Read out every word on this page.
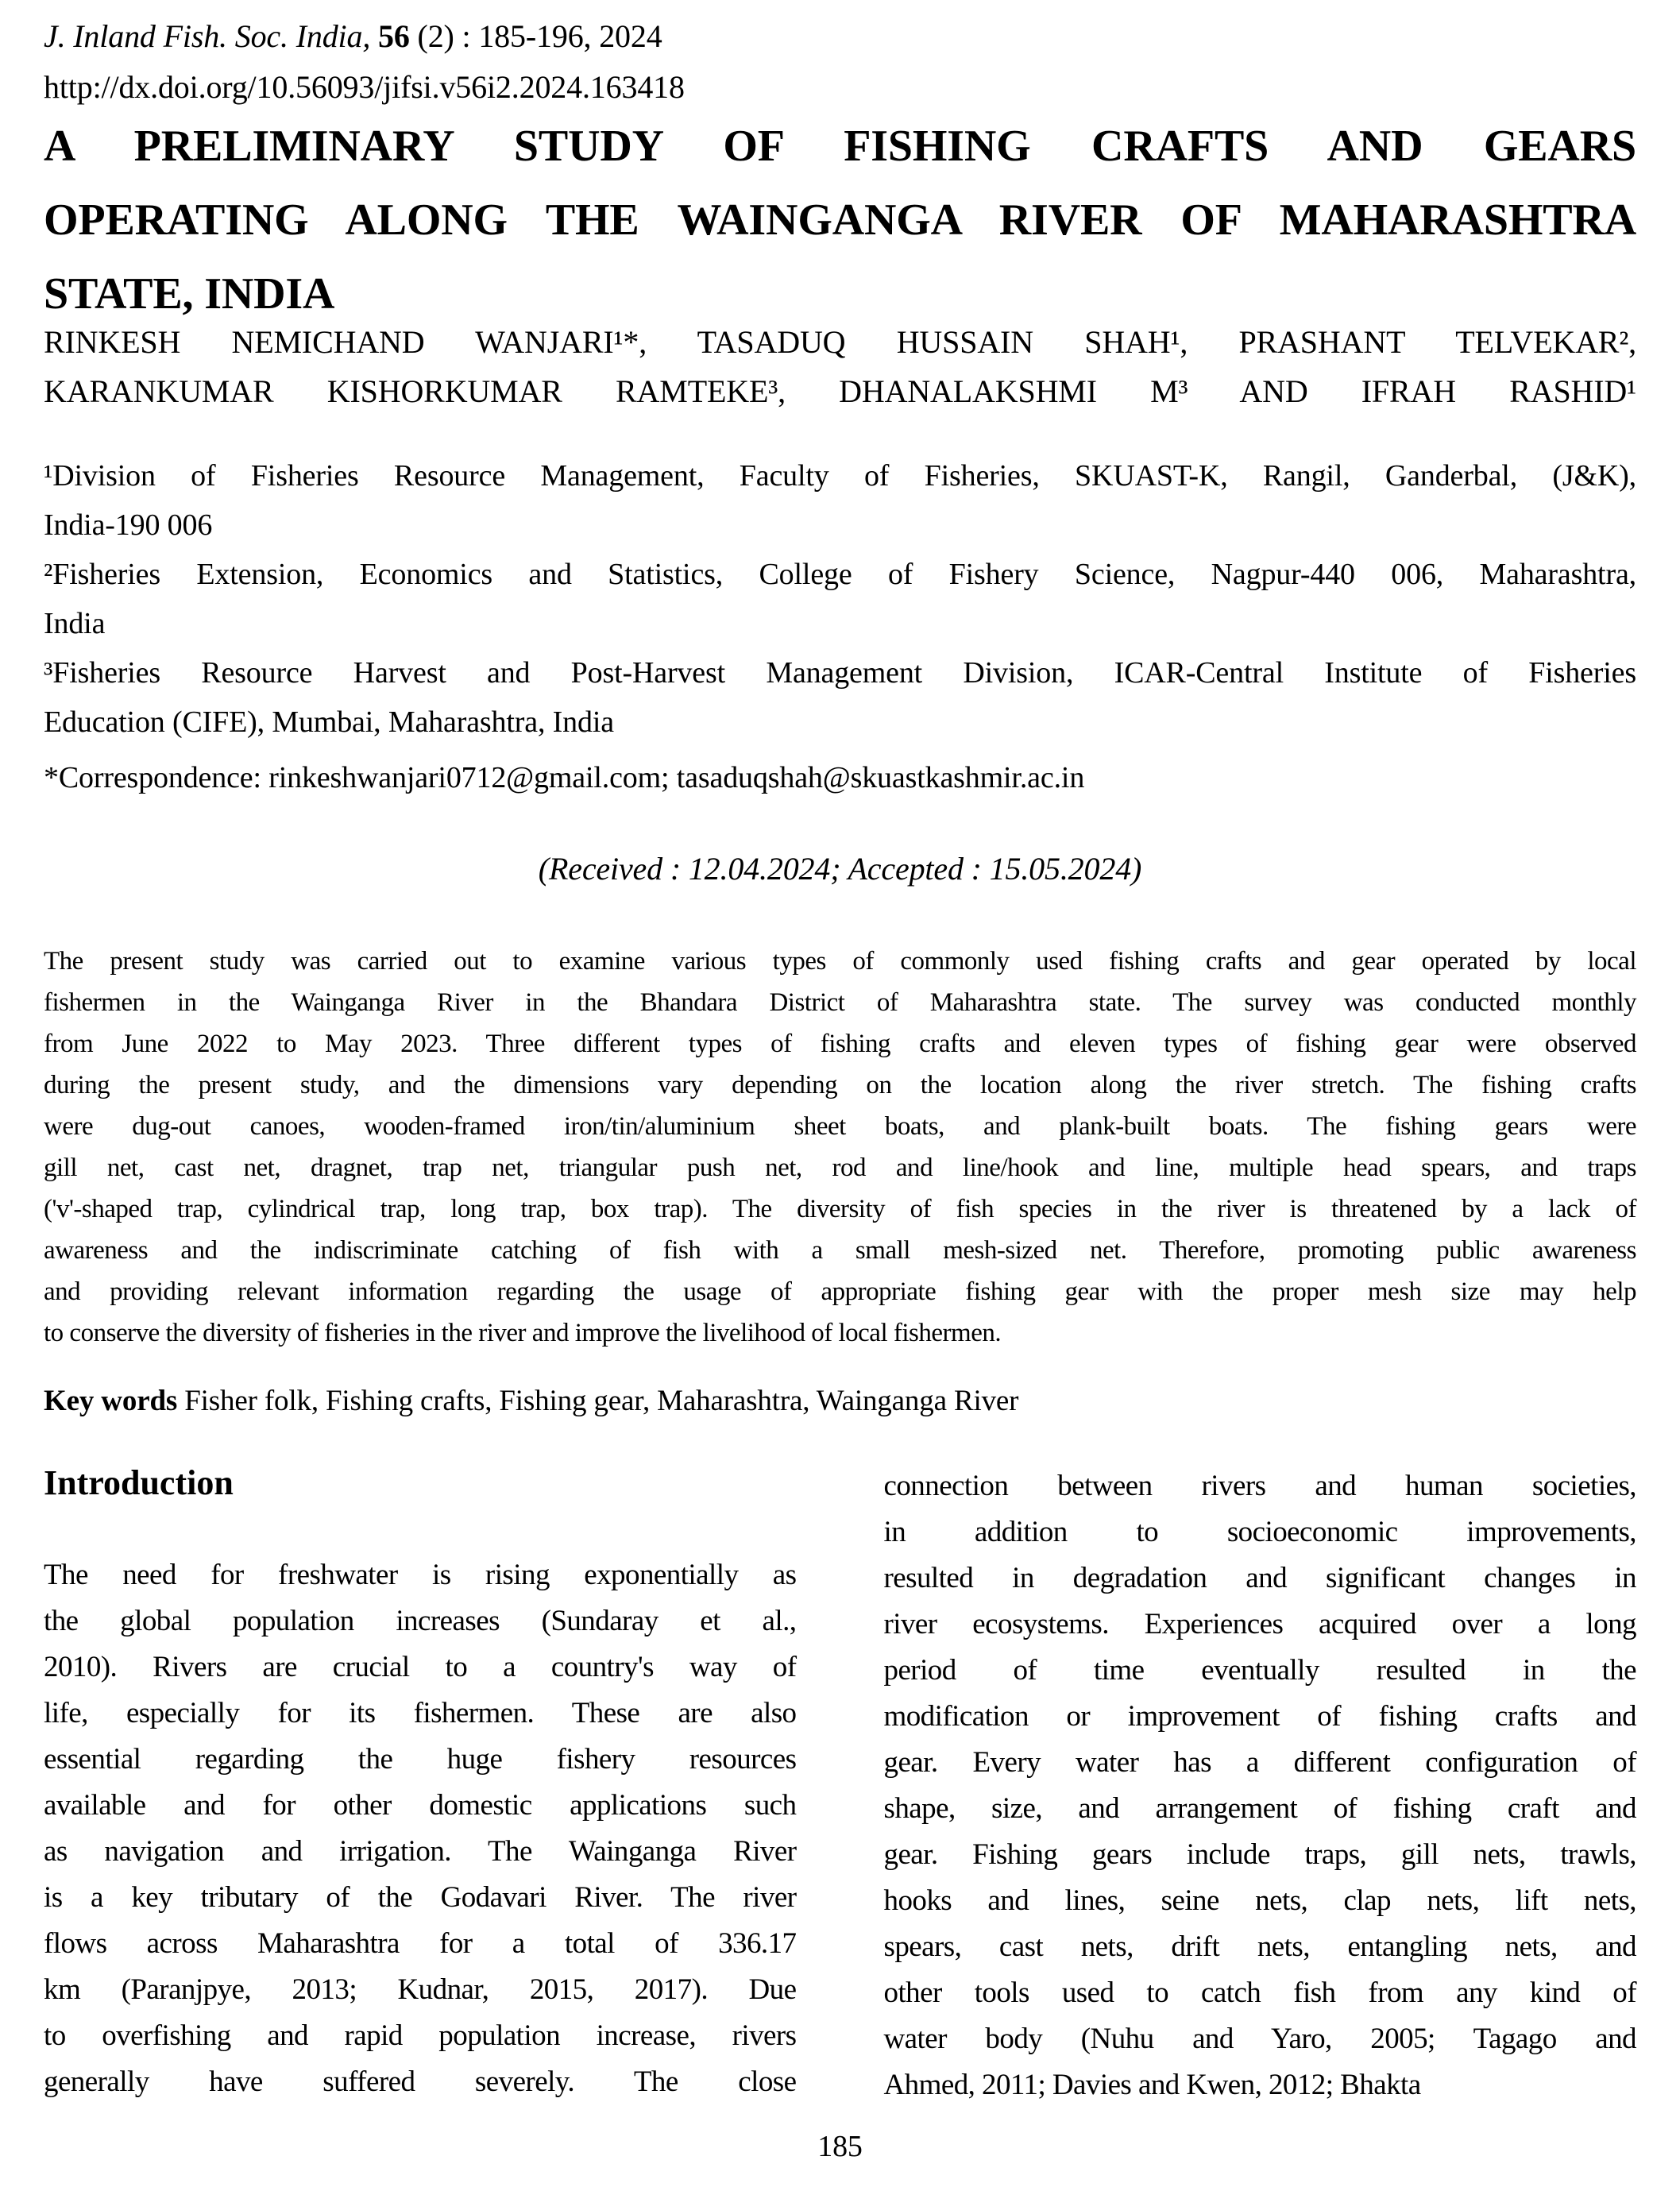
J. Inland Fish. Soc. India, 56 (2) : 185-196, 2024
http://dx.doi.org/10.56093/jifsi.v56i2.2024.163418
A PRELIMINARY STUDY OF FISHING CRAFTS AND GEARS
OPERATING ALONG THE WAINGANGA RIVER OF MAHARASHTRA
STATE, INDIA
RINKESH NEMICHAND WANJARI¹*, TASADUQ HUSSAIN SHAH¹, PRASHANT TELVEKAR²,
KARANKUMAR KISHORKUMAR RAMTEKE³, DHANALAKSHMI M³ AND IFRAH RASHID¹
¹Division of Fisheries Resource Management, Faculty of Fisheries, SKUAST-K, Rangil, Ganderbal, (J&K),
India-190 006
²Fisheries Extension, Economics and Statistics, College of Fishery Science, Nagpur-440 006, Maharashtra,
India
³Fisheries Resource Harvest and Post-Harvest Management Division, ICAR-Central Institute of Fisheries
Education (CIFE), Mumbai, Maharashtra, India
*Correspondence: rinkeshwanjari0712@gmail.com; tasaduqshah@skuastkashmir.ac.in
(Received : 12.04.2024; Accepted : 15.05.2024)
The present study was carried out to examine various types of commonly used fishing crafts and gear operated by local
fishermen in the Wainganga River in the Bhandara District of Maharashtra state. The survey was conducted monthly
from June 2022 to May 2023. Three different types of fishing crafts and eleven types of fishing gear were observed
during the present study, and the dimensions vary depending on the location along the river stretch. The fishing crafts
were dug-out canoes, wooden-framed iron/tin/aluminium sheet boats, and plank-built boats. The fishing gears were
gill net, cast net, dragnet, trap net, triangular push net, rod and line/hook and line, multiple head spears, and traps
('v'-shaped trap, cylindrical trap, long trap, box trap). The diversity of fish species in the river is threatened by a lack of
awareness and the indiscriminate catching of fish with a small mesh-sized net. Therefore, promoting public awareness
and providing relevant information regarding the usage of appropriate fishing gear with the proper mesh size may help
to conserve the diversity of fisheries in the river and improve the livelihood of local fishermen.
Key words Fisher folk, Fishing crafts, Fishing gear, Maharashtra, Wainganga River
Introduction
The need for freshwater is rising exponentially as
the global population increases (Sundaray et al.,
2010). Rivers are crucial to a country's way of
life, especially for its fishermen. These are also
essential regarding the huge fishery resources
available and for other domestic applications such
as navigation and irrigation. The Wainganga River
is a key tributary of the Godavari River. The river
flows across Maharashtra for a total of 336.17
km (Paranjpye, 2013; Kudnar, 2015, 2017). Due
to overfishing and rapid population increase, rivers
generally have suffered severely. The close
connection between rivers and human societies,
in addition to socioeconomic improvements,
resulted in degradation and significant changes in
river ecosystems. Experiences acquired over a long
period of time eventually resulted in the
modification or improvement of fishing crafts and
gear. Every water has a different configuration of
shape, size, and arrangement of fishing craft and
gear. Fishing gears include traps, gill nets, trawls,
hooks and lines, seine nets, clap nets, lift nets,
spears, cast nets, drift nets, entangling nets, and
other tools used to catch fish from any kind of
water body (Nuhu and Yaro, 2005; Tagago and
Ahmed, 2011; Davies and Kwen, 2012; Bhakta
185
